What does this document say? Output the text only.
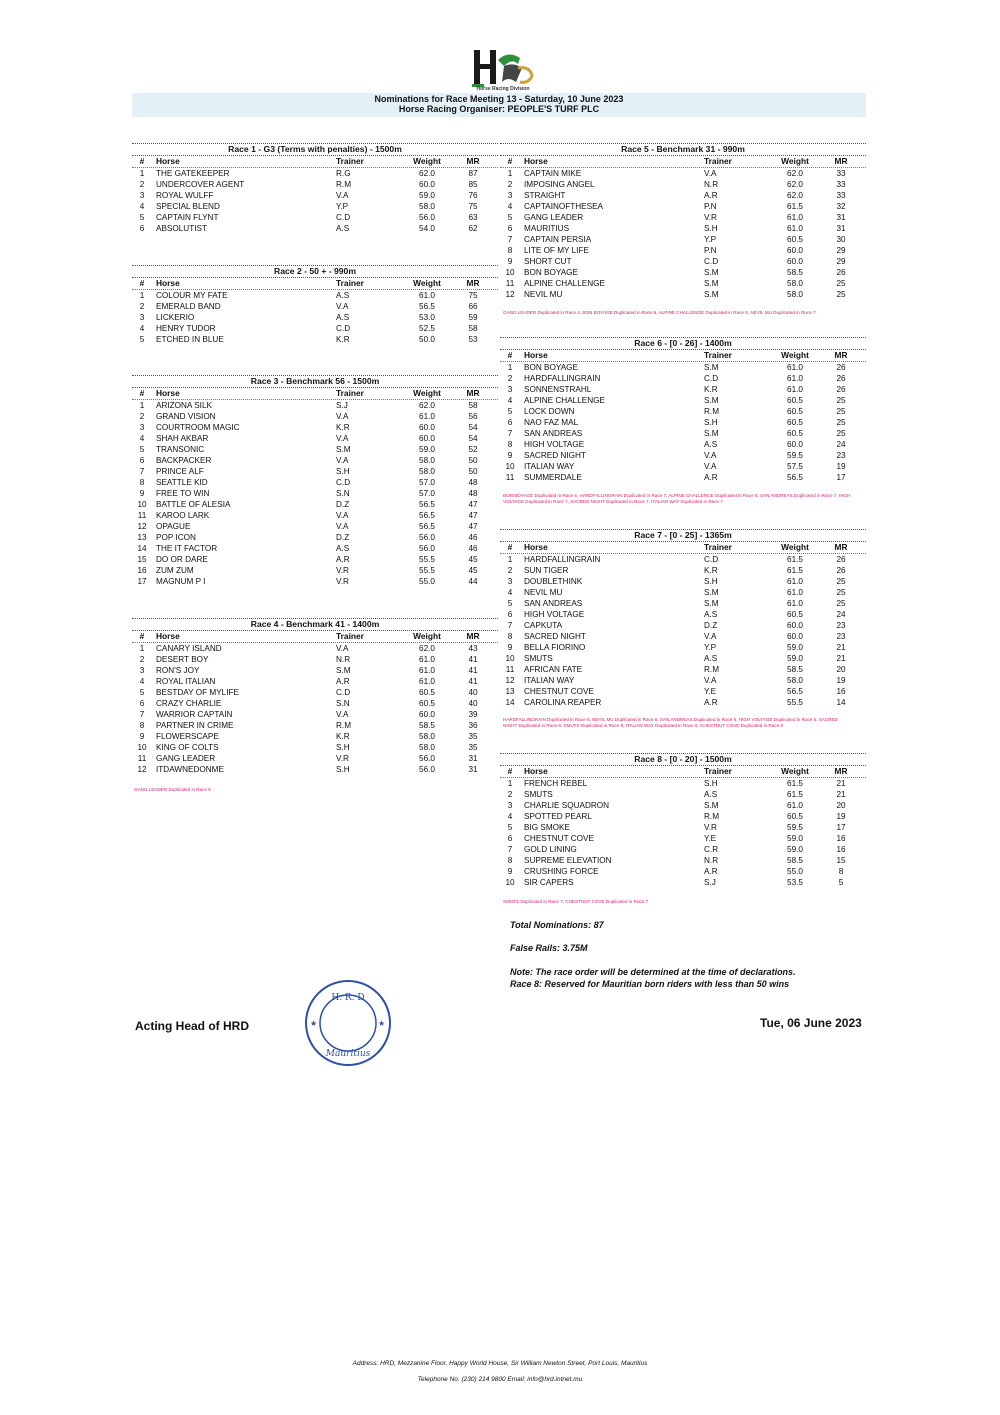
Horse Racing Division
Nominations for Race Meeting 13 - Saturday, 10 June 2023
Horse Racing Organiser: PEOPLE'S TURF PLC
Race 1 - G3 (Terms with penalties) - 1500m
#	Horse	Trainer	Weight	MR
1	THE GATEKEEPER	R.G	62.0	87
2	UNDERCOVER AGENT	R.M	60.0	85
3	ROYAL WULFF	V.A	59.0	76
4	SPECIAL BLEND	Y.P	58.0	75
5	CAPTAIN FLYNT	C.D	56.0	63
6	ABSOLUTIST	A.S	54.0	62
Race 2 - 50 + - 990m
#	Horse	Trainer	Weight	MR
1	COLOUR MY FATE	A.S	61.0	75
2	EMERALD BAND	V.A	56.5	66
3	LICKERIO	A.S	53.0	59
4	HENRY TUDOR	C.D	52.5	58
5	ETCHED IN BLUE	K.R	50.0	53
Race 3 - Benchmark 56 - 1500m
#	Horse	Trainer	Weight	MR
1	ARIZONA SILK	S.J	62.0	58
2	GRAND VISION	V.A	61.0	56
3	COURTROOM MAGIC	K.R	60.0	54
4	SHAH AKBAR	V.A	60.0	54
5	TRANSONIC	S.M	59.0	52
6	BACKPACKER	V.A	58.0	50
7	PRINCE ALF	S.H	58.0	50
8	SEATTLE KID	C.D	57.0	48
9	FREE TO WIN	S.N	57.0	48
10	BATTLE OF ALESIA	D.Z	56.5	47
11	KAROO LARK	V.A	56.5	47
12	OPAGUE	V.A	56.5	47
13	POP ICON	D.Z	56.0	46
14	THE IT FACTOR	A.S	56.0	46
15	DO OR DARE	A.R	55.5	45
16	ZUM ZUM	V.R	55.5	45
17	MAGNUM P I	V.R	55.0	44
Race 4 - Benchmark 41 - 1400m
#	Horse	Trainer	Weight	MR
1	CANARY ISLAND	V.A	62.0	43
2	DESERT BOY	N.R	61.0	41
3	RON'S JOY	S.M	61.0	41
4	ROYAL ITALIAN	A.R	61.0	41
5	BESTDAY OF MYLIFE	C.D	60.5	40
6	CRAZY CHARLIE	S.N	60.5	40
7	WARRIOR CAPTAIN	V.A	60.0	39
8	PARTNER IN CRIME	R.M	58.5	36
9	FLOWERSCAPE	K.R	58.0	35
10	KING OF COLTS	S.H	58.0	35
11	GANG LEADER	V.R	56.0	31
12	ITDAWNEDONME	S.H	56.0	31
Race 5 - Benchmark 31 - 990m
#	Horse	Trainer	Weight	MR
1	CAPTAIN MIKE	V.A	62.0	33
2	IMPOSING ANGEL	N.R	62.0	33
3	STRAIGHT	A.R	62.0	33
4	CAPTAINOFTHESEA	P.N	61.5	32
5	GANG LEADER	V.R	61.0	31
6	MAURITIUS	S.H	61.0	31
7	CAPTAIN PERSIA	Y.P	60.5	30
8	LITE OF MY LIFE	P.N	60.0	29
9	SHORT CUT	C.D	60.0	29
10	BON BOYAGE	S.M	58.5	26
11	ALPINE CHALLENGE	S.M	58.0	25
12	NEVIL MU	S.M	58.0	25
Race 6 - [0 - 26] - 1400m
#	Horse	Trainer	Weight	MR
1	BON BOYAGE	S.M	61.0	26
2	HARDFALLINGRAIN	C.D	61.0	26
3	SONNENSTRAHL	K.R	61.0	26
4	ALPINE CHALLENGE	S.M	60.5	25
5	LOCK DOWN	R.M	60.5	25
6	NAO FAZ MAL	S.H	60.5	25
7	SAN ANDREAS	S.M	60.5	25
8	HIGH VOLTAGE	A.S	60.0	24
9	SACRED NIGHT	V.A	59.5	23
10	ITALIAN WAY	V.A	57.5	19
11	SUMMERDALE	A.R	56.5	17
Race 7 - [0 - 25] - 1365m
#	Horse	Trainer	Weight	MR
1	HARDFALLINGRAIN	C.D	61.5	26
2	SUN TIGER	K.R	61.5	26
3	DOUBLETHINK	S.H	61.0	25
4	NEVIL MU	S.M	61.0	25
5	SAN ANDREAS	S.M	61.0	25
6	HIGH VOLTAGE	A.S	60.5	24
7	CAPKUTA	D.Z	60.0	23
8	SACRED NIGHT	V.A	60.0	23
9	BELLA FIORINO	Y.P	59.0	21
10	SMUTS	A.S	59.0	21
11	AFRICAN FATE	R.M	58.5	20
12	ITALIAN WAY	V.A	58.0	19
13	CHESTNUT COVE	Y.E	56.5	16
14	CAROLINA REAPER	A.R	55.5	14
Race 8 - [0 - 20] - 1500m
#	Horse	Trainer	Weight	MR
1	FRENCH REBEL	S.H	61.5	21
2	SMUTS	A.S	61.5	21
3	CHARLIE SQUADRON	S.M	61.0	20
4	SPOTTED PEARL	R.M	60.5	19
5	BIG SMOKE	V.R	59.5	17
6	CHESTNUT COVE	Y.E	59.0	16
7	GOLD LINING	C.R	59.0	16
8	SUPREME ELEVATION	N.R	58.5	15
9	CRUSHING FORCE	A.R	55.0	8
10	SIR CAPERS	S.J	53.5	5
GANG LEADER Duplicated in Race 5
GANG LEADER Duplicated in Race 4, BON BOYAGE Duplicated in Race 6, ALPINE CHALLENGE Duplicated in Race 6, NEVIL MU Duplicated in Race 7
BON BOYAGE Duplicated in Race 5, HARDFALLINGRAIN Duplicated in Race 7, ALPINE CHALLENGE Duplicated in Race 5, SAN ANDREAS Duplicated in Race 7, HIGH VOLTAGE Duplicated in Race 7, SACRED NIGHT Duplicated in Race 7, ITALIAN WAY Duplicated in Race 7
HARDFALLINGRAIN Duplicated in Race 6, NEVIL MU Duplicated in Race 5, SAN ANDREAS Duplicated in Race 6, HIGH VOLTAGE Duplicated in Race 6, SACRED NIGHT Duplicated in Race 6, SMUTS Duplicated in Race 8, ITALIAN WAY Duplicated in Race 6, CHESTNUT COVE Duplicated in Race 8
SMUTS Duplicated in Race 7, CHESTNUT COVE Duplicated in Race 7
Total Nominations: 87
False Rails: 3.75M
Note: The race order will be determined at the time of declarations.
Race 8: Reserved for Mauritian born riders with less than 50 wins
Acting Head of HRD	Tue, 06 June 2023
★	★
H. R. D
Mauritius
Address: HRD, Mezzanine Floor, Happy World House, Sir William Newton Street, Port Louis, Mauritius
Telephone No. (230) 214 9800 Email: info@hrd.intnet.mu
